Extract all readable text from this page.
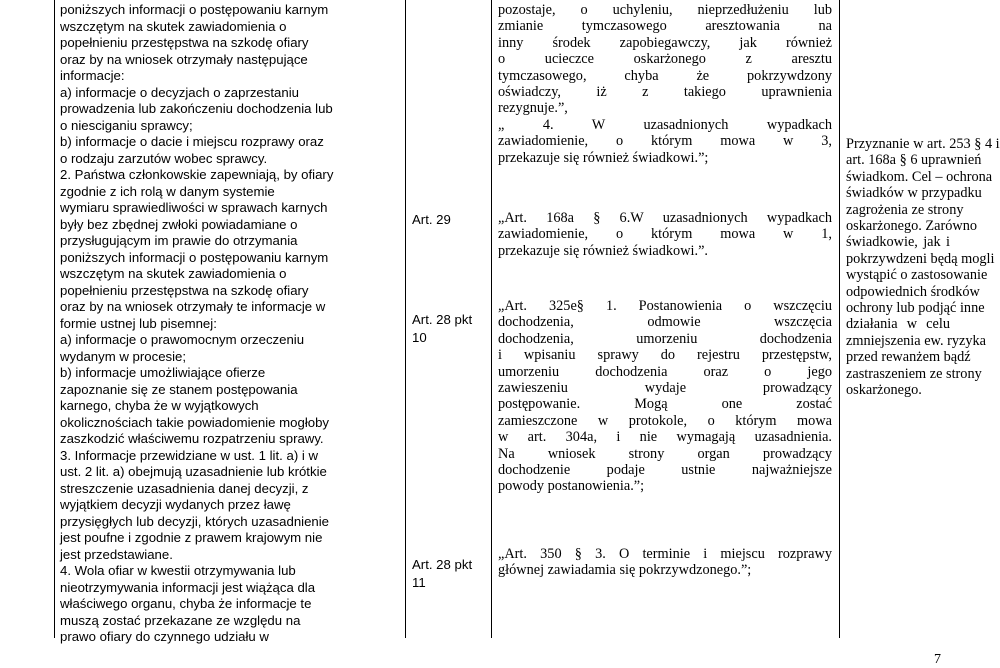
poniższych informacji o postępowaniu karnym
wszczętym na skutek zawiadomienia o
popełnieniu przestępstwa na szkodę ofiary
oraz by na wniosek otrzymały następujące
informacje:
a) informacje o decyzjach o zaprzestaniu
prowadzenia lub zakończeniu dochodzenia lub
o niesciganiu sprawcy;
b) informacje o dacie i miejscu rozprawy oraz
o rodzaju zarzutów wobec sprawcy.
2. Państwa członkowskie zapewniają, by ofiary
zgodnie z ich rolą w danym systemie
wymiaru sprawiedliwości w sprawach karnych
były bez zbędnej zwłoki powiadamiane o
przysługującym im prawie do otrzymania
poniższych informacji o postępowaniu karnym
wszczętym na skutek zawiadomienia o
popełnieniu przestępstwa na szkodę ofiary
oraz by na wniosek otrzymały te informacje w
formie ustnej lub pisemnej:
a) informacje o prawomocnym orzeczeniu
wydanym w procesie;
b) informacje umożliwiające ofierze
zapoznanie się ze stanem postępowania
karnego, chyba że w wyjątkowych
okolicznościach takie powiadomienie mogłoby
zaszkodzić właściwemu rozpatrzeniu sprawy.
3. Informacje przewidziane w ust. 1 lit. a) i w
ust. 2 lit. a) obejmują uzasadnienie lub krótkie
streszczenie uzasadnienia danej decyzji, z
wyjątkiem decyzji wydanych przez ławę
przysięgłych lub decyzji, których uzasadnienie
jest poufne i zgodnie z prawem krajowym nie
jest przedstawiane.
4. Wola ofiar w kwestii otrzymywania lub
nieotrzymywania informacji jest wiążąca dla
właściwego organu, chyba że informacje te
muszą zostać przekazane ze względu na
prawo ofiary do czynnego udziału w
Art. 29
Art. 28 pkt
10
Art. 28 pkt
11
pozostaje, o uchyleniu, nieprzedłużeniu lub
zmianie tymczasowego aresztowania na
inny środek zapobiegawczy, jak również
o ucieczce oskarżonego z aresztu
tymczasowego, chyba że pokrzywdzony
oświadczy, iż z takiego uprawnienia
rezygnuje.”,
„ 4. W uzasadnionych wypadkach
zawiadomienie, o którym mowa w 3,
przekazuje się również świadkowi.”;
„Art. 168a § 6.W uzasadnionych wypadkach
zawiadomienie, o którym mowa w 1,
przekazuje się również świadkowi.”.
„Art. 325e§ 1. Postanowienia o wszczęciu
dochodzenia, odmowie wszczęcia
dochodzenia, umorzeniu dochodzenia
i wpisaniu sprawy do rejestru przestępstw,
umorzeniu dochodzenia oraz o jego
zawieszeniu wydaje prowadzący
postępowanie. Mogą one zostać
zamieszczone w protokole, o którym mowa
w art. 304a, i nie wymagają uzasadnienia.
Na wniosek strony organ prowadzący
dochodzenie podaje ustnie najważniejsze
powody postanowienia.”;
„Art. 350 § 3. O terminie i miejscu rozprawy
głównej zawiadamia się pokrzywdzonego.”;
Przyznanie w art. 253 § 4 i
art. 168a § 6 uprawnień
świadkom. Cel – ochrona
świadków w przypadku
zagrożenia ze strony
oskarżonego. Zarówno
świadkowie, jak i
pokrzywdzeni będą mogli
wystąpić o zastosowanie
odpowiednich środków
ochrony lub podjąć inne
działania w celu
zmniejszenia ew. ryzyka
przed rewanżem bądź
zastraszeniem ze strony
oskarżonego.
7
